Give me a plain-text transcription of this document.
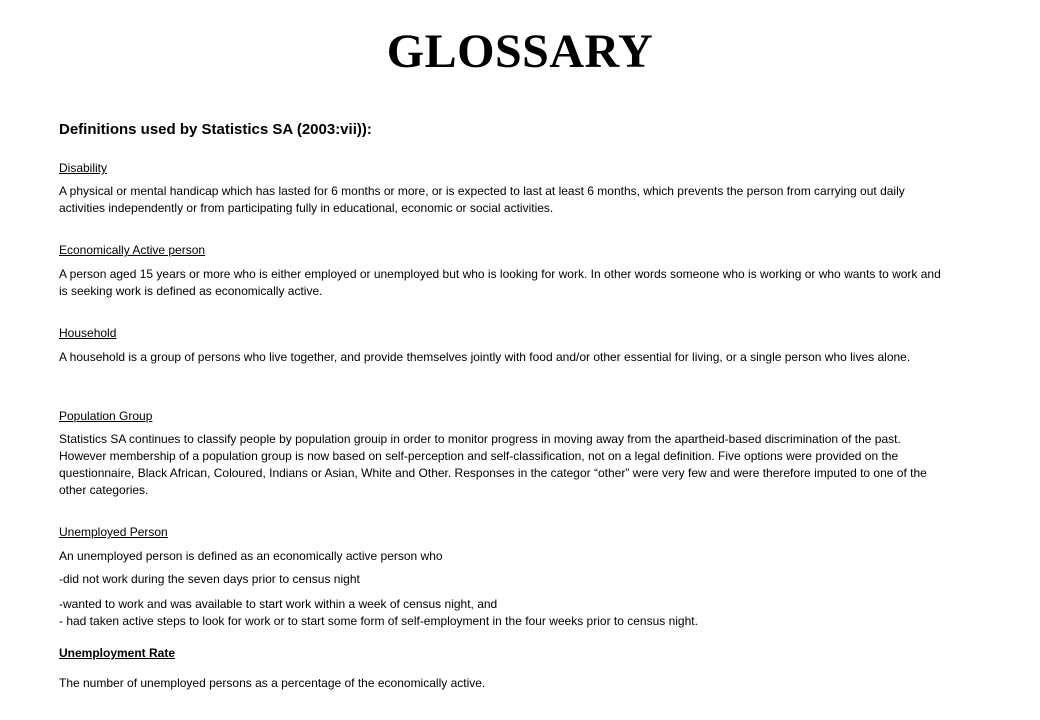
GLOSSARY
Definitions used by Statistics SA (2003:vii)):
Disability

A physical or mental handicap which has lasted for 6 months or more, or is expected to last at least 6 months, which prevents the person from carrying out daily activities independently or from participating fully in educational, economic or social activities.

Economically Active person

A person aged 15 years or more who is either employed or unemployed but who is looking for work. In other words someone who is working or who wants to work and is seeking work is defined as economically active.

Household

A household is a group of persons who live together, and provide themselves jointly with food and/or other essential for living, or a single person who lives alone.

Population Group

Statistics SA continues to classify people by population grouip in order to monitor progress in moving away from the apartheid-based discrimination of the past. However membership of a population group is now based on self-perception and self-classification, not on a legal definition. Five options were provided on the questionnaire, Black African, Coloured, Indians or Asian, White and Other. Responses in the categor “other” were very few and were therefore imputed to one of the other categories.

Unemployed Person
An unemployed person is defined as an economically active person who
-did not work during the seven days prior to census night
-wanted to work and was available to start work within a week of census night, and
- had taken active steps to look for work or to start some form of self-employment in the four weeks prior to census night.
Unemployment Rate
The number of unemployed persons as a percentage of the economically active.
